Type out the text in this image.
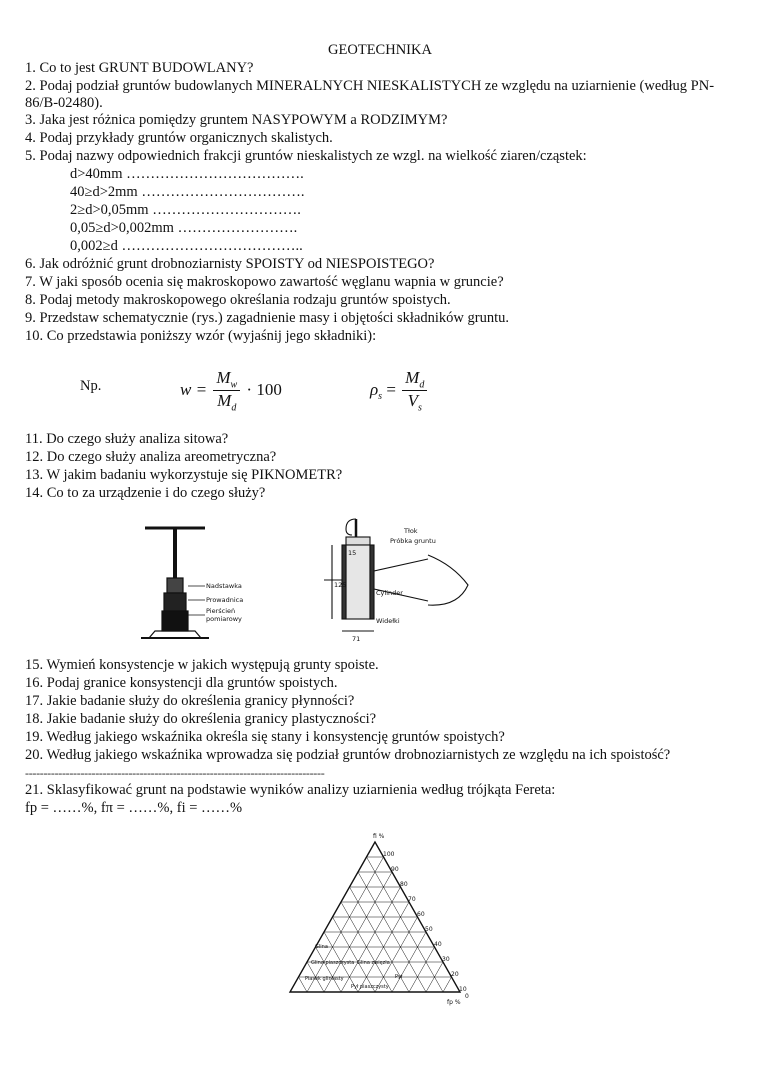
GEOTECHNIKA
1. Co to jest GRUNT BUDOWLANY?
2. Podaj podział gruntów budowlanych MINERALNYCH NIESKALISTYCH ze względu na uziarnienie (według PN-86/B-02480).
3. Jaka jest różnica pomiędzy gruntem NASYPOWYM a RODZIMYM?
4. Podaj przykłady gruntów organicznych skalistych.
5. Podaj nazwy odpowiednich frakcji gruntów nieskalistych ze wzgl. na wielkość ziaren/cząstek:
d>40mm ……………………………….
40≥d>2mm …………………………….
2≥d>0,05mm ………………………….
0,05≥d>0,002mm …………………….
0,002≥d ………………………………..
6. Jak odróżnić grunt drobnoziarnisty SPOISTY od NIESPOISTEGO?
7. W jaki sposób ocenia się makroskopowo zawartość węglanu wapnia w gruncie?
8. Podaj metody makroskopowego określania rodzaju gruntów spoistych.
9. Przedstaw schematycznie (rys.) zagadnienie masy i objętości składników gruntu.
10. Co przedstawia poniższy wzór (wyjaśnij jego składniki):
Np.	$w = \frac{M_w}{M_d} \cdot 100$	$\rho_s = \frac{M_d}{V_s}$
11. Do czego służy analiza sitowa?
12. Do czego służy analiza areometryczna?
13. W jakim badaniu wykorzystuje się PIKNOMETR?
14. Co to za urządzenie i do czego służy?
Nadstawka
Prowadnica
Pierścień
pomiarowy
Tłok
Próbka gruntu
Cylinder
Widełki
15
125
71
15. Wymień konsystencje w jakich występują grunty spoiste.
16. Podaj granice konsystencji dla gruntów spoistych.
17. Jakie badanie służy do określenia granicy płynności?
18. Jakie badanie służy do określenia granicy plastyczności?
19. Według jakiego wskaźnika określa się stany i konsystencję gruntów spoistych?
20. Według jakiego wskaźnika wprowadza się podział gruntów drobnoziarnistych ze względu na ich spoistość?
---------------------------------------------------------------------------------
21. Sklasyfikować grunt na podstawie wyników analizy uziarnienia według trójkąta Fereta:
fp = ……%, fπ = ……%, fi = ……%
fi %
fp %
100
90
80
70
60
50
40
30
20
10
0
Glina
Glina piaszczysta Glina zwięzła
Pył
Piasek gliniasty
Pył piaszczysty
